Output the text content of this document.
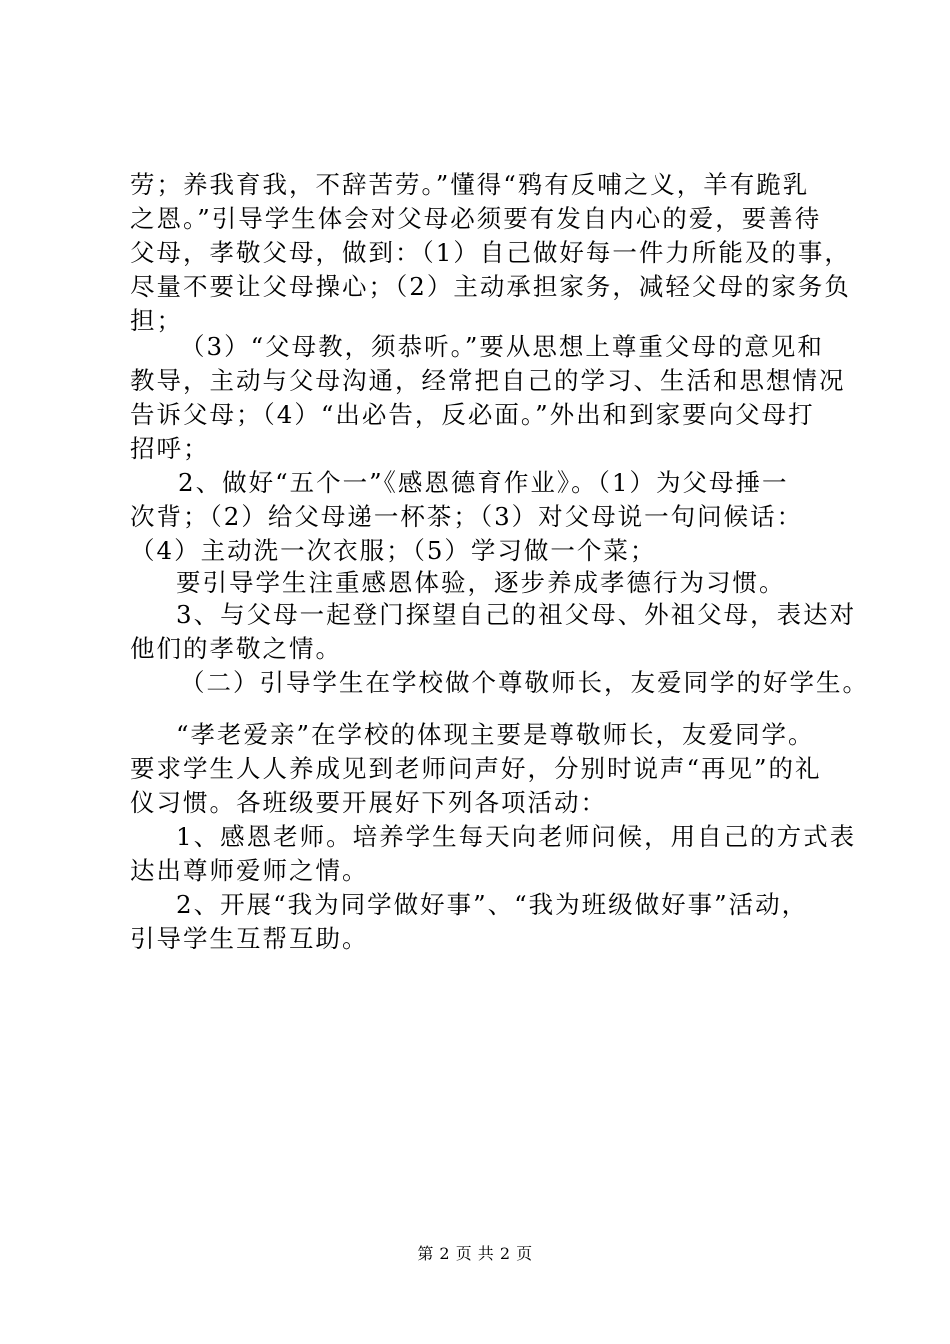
劳；养我育我，不辞苦劳。”懂得“鸦有反哺之义，羊有跪乳
之恩。”引导学生体会对父母必须要有发自内心的爱，要善待
父母，孝敬父母，做到：（1）自己做好每一件力所能及的事，
尽量不要让父母操心；（2）主动承担家务，减轻父母的家务负
担；
（3）“父母教，须恭听。”要从思想上尊重父母的意见和
教导，主动与父母沟通，经常把自己的学习、生活和思想情况
告诉父母；（4）“出必告，反必面。”外出和到家要向父母打
招呼；
2、做好“五个一”《感恩德育作业》。（1）为父母捶一
次背；（2）给父母递一杯茶；（3）对父母说一句问候话：
（4）主动洗一次衣服；（5）学习做一个菜；
要引导学生注重感恩体验，逐步养成孝德行为习惯。
3、与父母一起登门探望自己的祖父母、外祖父母，表达对
他们的孝敬之情。
（二）引导学生在学校做个尊敬师长，友爱同学的好学生。
“孝老爱亲”在学校的体现主要是尊敬师长，友爱同学。
要求学生人人养成见到老师问声好，分别时说声“再见”的礼
仪习惯。各班级要开展好下列各项活动：
1、感恩老师。培养学生每天向老师问候，用自己的方式表
达出尊师爱师之情。
2、开展“我为同学做好事”、“我为班级做好事”活动，
引导学生互帮互助。
第 2 页 共 2 页
